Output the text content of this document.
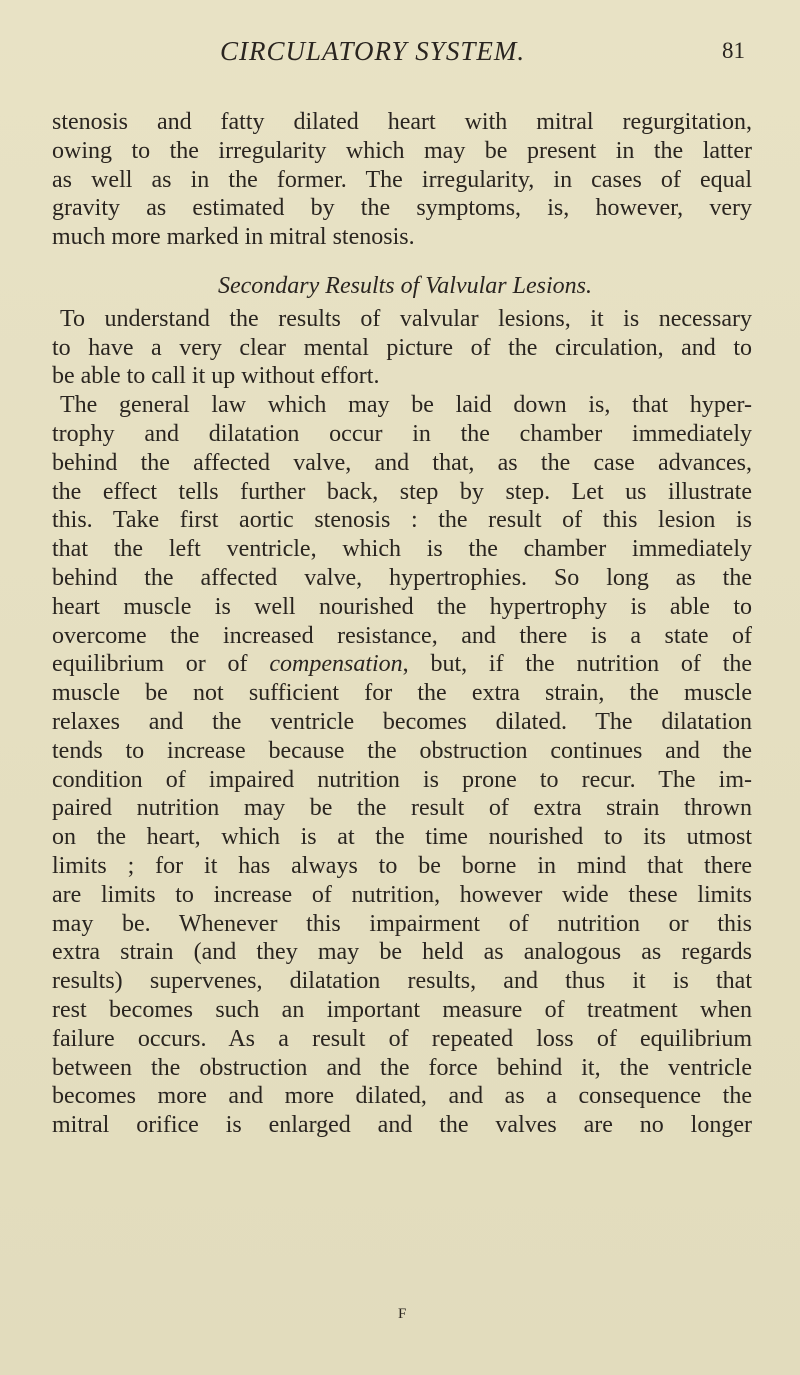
CIRCULATORY SYSTEM.	81
stenosis and fatty dilated heart with mitral regurgitation,
owing to the irregularity which may be present in the latter
as well as in the former. The irregularity, in cases of equal
gravity as estimated by the symptoms, is, however, very
much more marked in mitral stenosis.
Secondary Results of Valvular Lesions.
To understand the results of valvular lesions, it is necessary
to have a very clear mental picture of the circulation, and to
be able to call it up without effort.
The general law which may be laid down is, that hyper-
trophy and dilatation occur in the chamber immediately
behind the affected valve, and that, as the case advances,
the effect tells further back, step by step. Let us illustrate
this. Take first aortic stenosis : the result of this lesion is
that the left ventricle, which is the chamber immediately
behind the affected valve, hypertrophies. So long as the
heart muscle is well nourished the hypertrophy is able to
overcome the increased resistance, and there is a state of
equilibrium or of compensation, but, if the nutrition of the
muscle be not sufficient for the extra strain, the muscle
relaxes and the ventricle becomes dilated. The dilatation
tends to increase because the obstruction continues and the
condition of impaired nutrition is prone to recur. The im-
paired nutrition may be the result of extra strain thrown
on the heart, which is at the time nourished to its utmost
limits ; for it has always to be borne in mind that there
are limits to increase of nutrition, however wide these limits
may be. Whenever this impairment of nutrition or this
extra strain (and they may be held as analogous as regards
results) supervenes, dilatation results, and thus it is that
rest becomes such an important measure of treatment when
failure occurs. As a result of repeated loss of equilibrium
between the obstruction and the force behind it, the ventricle
becomes more and more dilated, and as a consequence the
mitral orifice is enlarged and the valves are no longer
F
